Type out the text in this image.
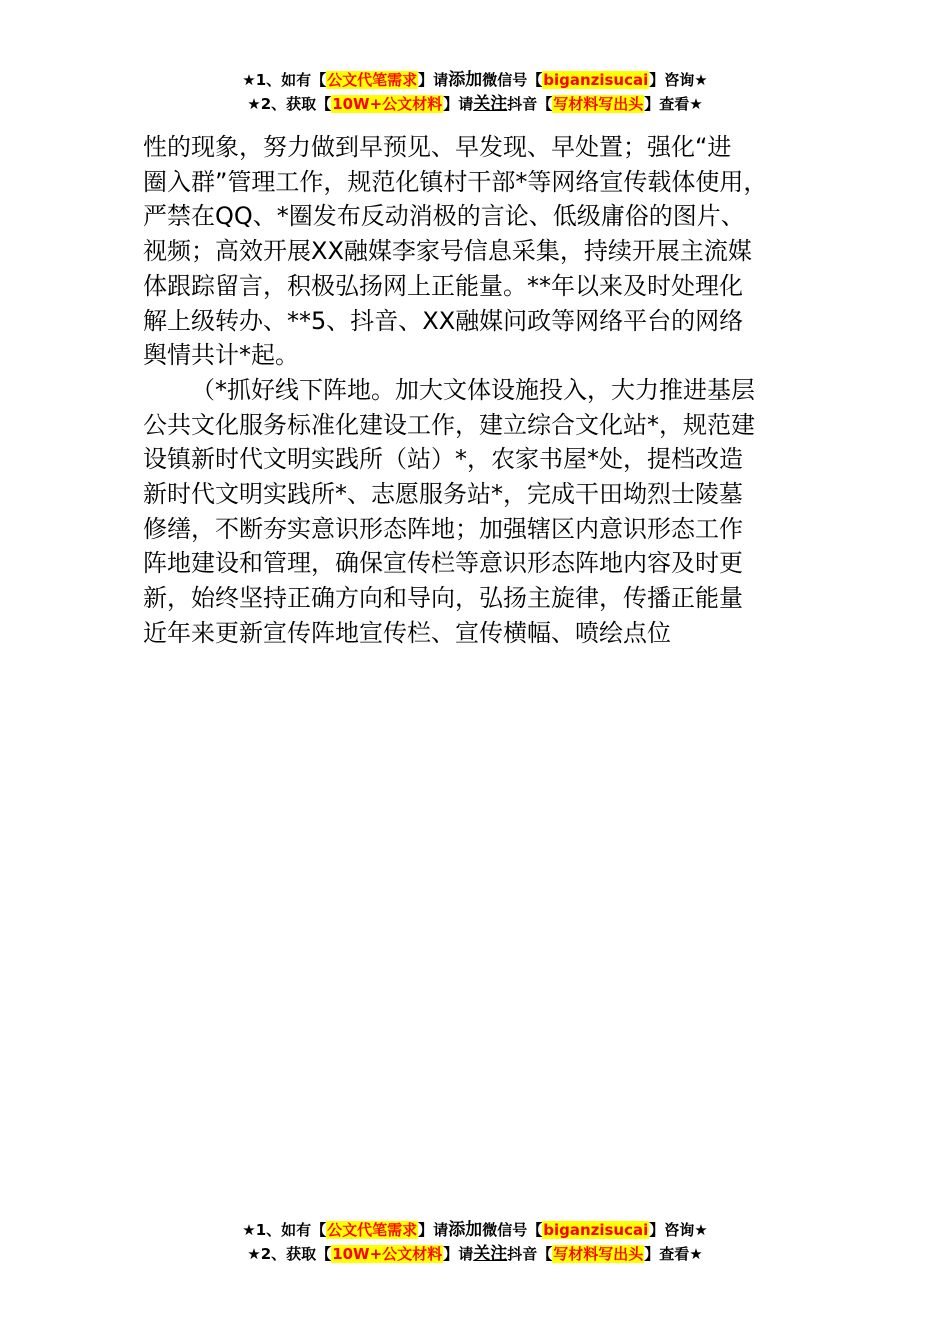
★1、如有【公文代笔需求】请添加微信号【biganzisucai】咨询★
★2、获取【10W+公文材料】请关注抖音【写材料写出头】查看★
性的现象，努力做到早预见、早发现、早处置；强化“进
圈入群”管理工作，规范化镇村干部*等网络宣传载体使用，
严禁在QQ、*圈发布反动消极的言论、低级庸俗的图片、
视频；高效开展XX融媒李家号信息采集，持续开展主流媒
体跟踪留言，积极弘扬网上正能量。**年以来及时处理化
解上级转办、**5、抖音、XX融媒问政等网络平台的网络
舆情共计*起。
（*抓好线下阵地。加大文体设施投入，大力推进基层
公共文化服务标准化建设工作，建立综合文化站*，规范建
设镇新时代文明实践所（站）*，农家书屋*处，提档改造
新时代文明实践所*、志愿服务站*，完成干田坳烈士陵墓
修缮，不断夯实意识形态阵地；加强辖区内意识形态工作
阵地建设和管理，确保宣传栏等意识形态阵地内容及时更
新，始终坚持正确方向和导向，弘扬主旋律，传播正能量
近年来更新宣传阵地宣传栏、宣传横幅、喷绘点位
★1、如有【公文代笔需求】请添加微信号【biganzisucai】咨询★
★2、获取【10W+公文材料】请关注抖音【写材料写出头】查看★
